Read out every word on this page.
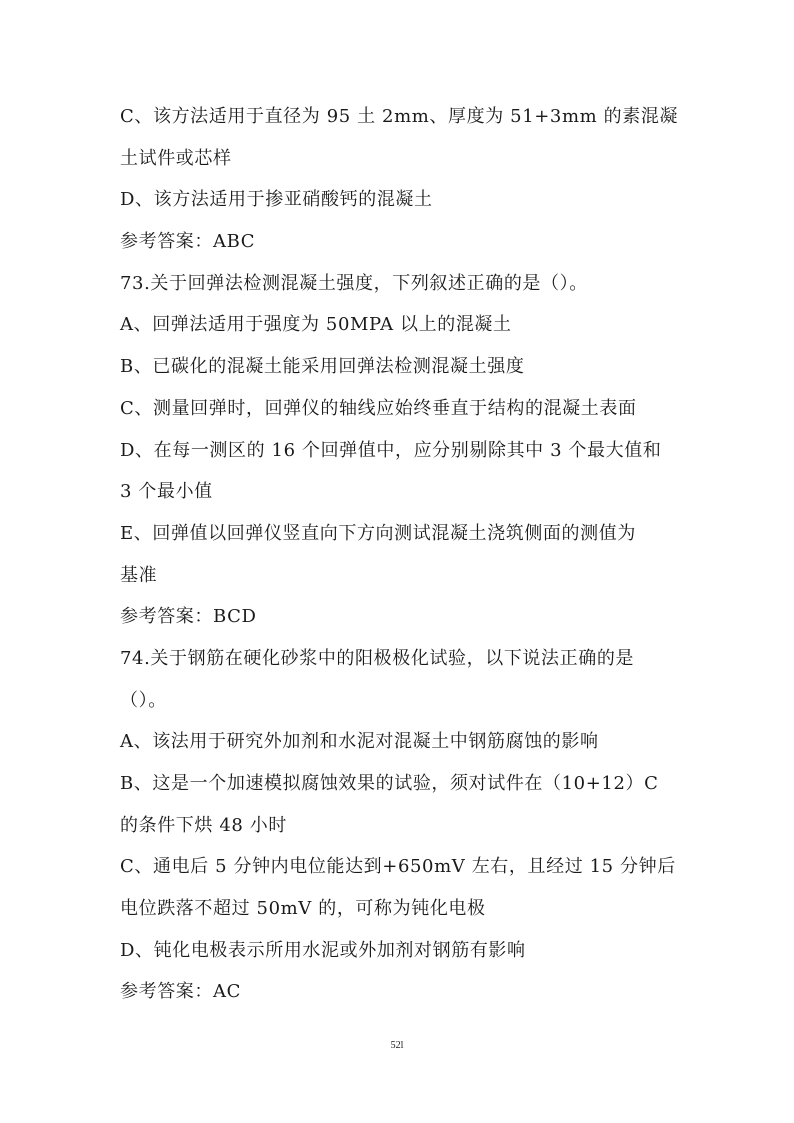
C、该方法适用于直径为 95 土 2mm、厚度为 51+3mm 的素混凝
土试件或芯样
D、该方法适用于掺亚硝酸钙的混凝土
参考答案：ABC
73.关于回弹法检测混凝土强度，下列叙述正确的是（）。
A、回弹法适用于强度为 50MPA 以上的混凝土
B、已碳化的混凝土能采用回弹法检测混凝土强度
C、测量回弹时，回弹仪的轴线应始终垂直于结构的混凝土表面
D、在每一测区的 16 个回弹值中，应分别剔除其中 3 个最大值和
3 个最小值
E、回弹值以回弹仪竖直向下方向测试混凝土浇筑侧面的测值为
基准
参考答案：BCD
74.关于钢筋在硬化砂浆中的阳极极化试验，以下说法正确的是
（）。
A、该法用于研究外加剂和水泥对混凝土中钢筋腐蚀的影响
B、这是一个加速模拟腐蚀效果的试验，须对试件在（10+12）C
的条件下烘 48 小时
C、通电后 5 分钟内电位能达到+650mV 左右，且经过 15 分钟后
电位跌落不超过 50mV 的，可称为钝化电极
D、钝化电极表示所用水泥或外加剂对钢筋有影响
参考答案：AC
52l
